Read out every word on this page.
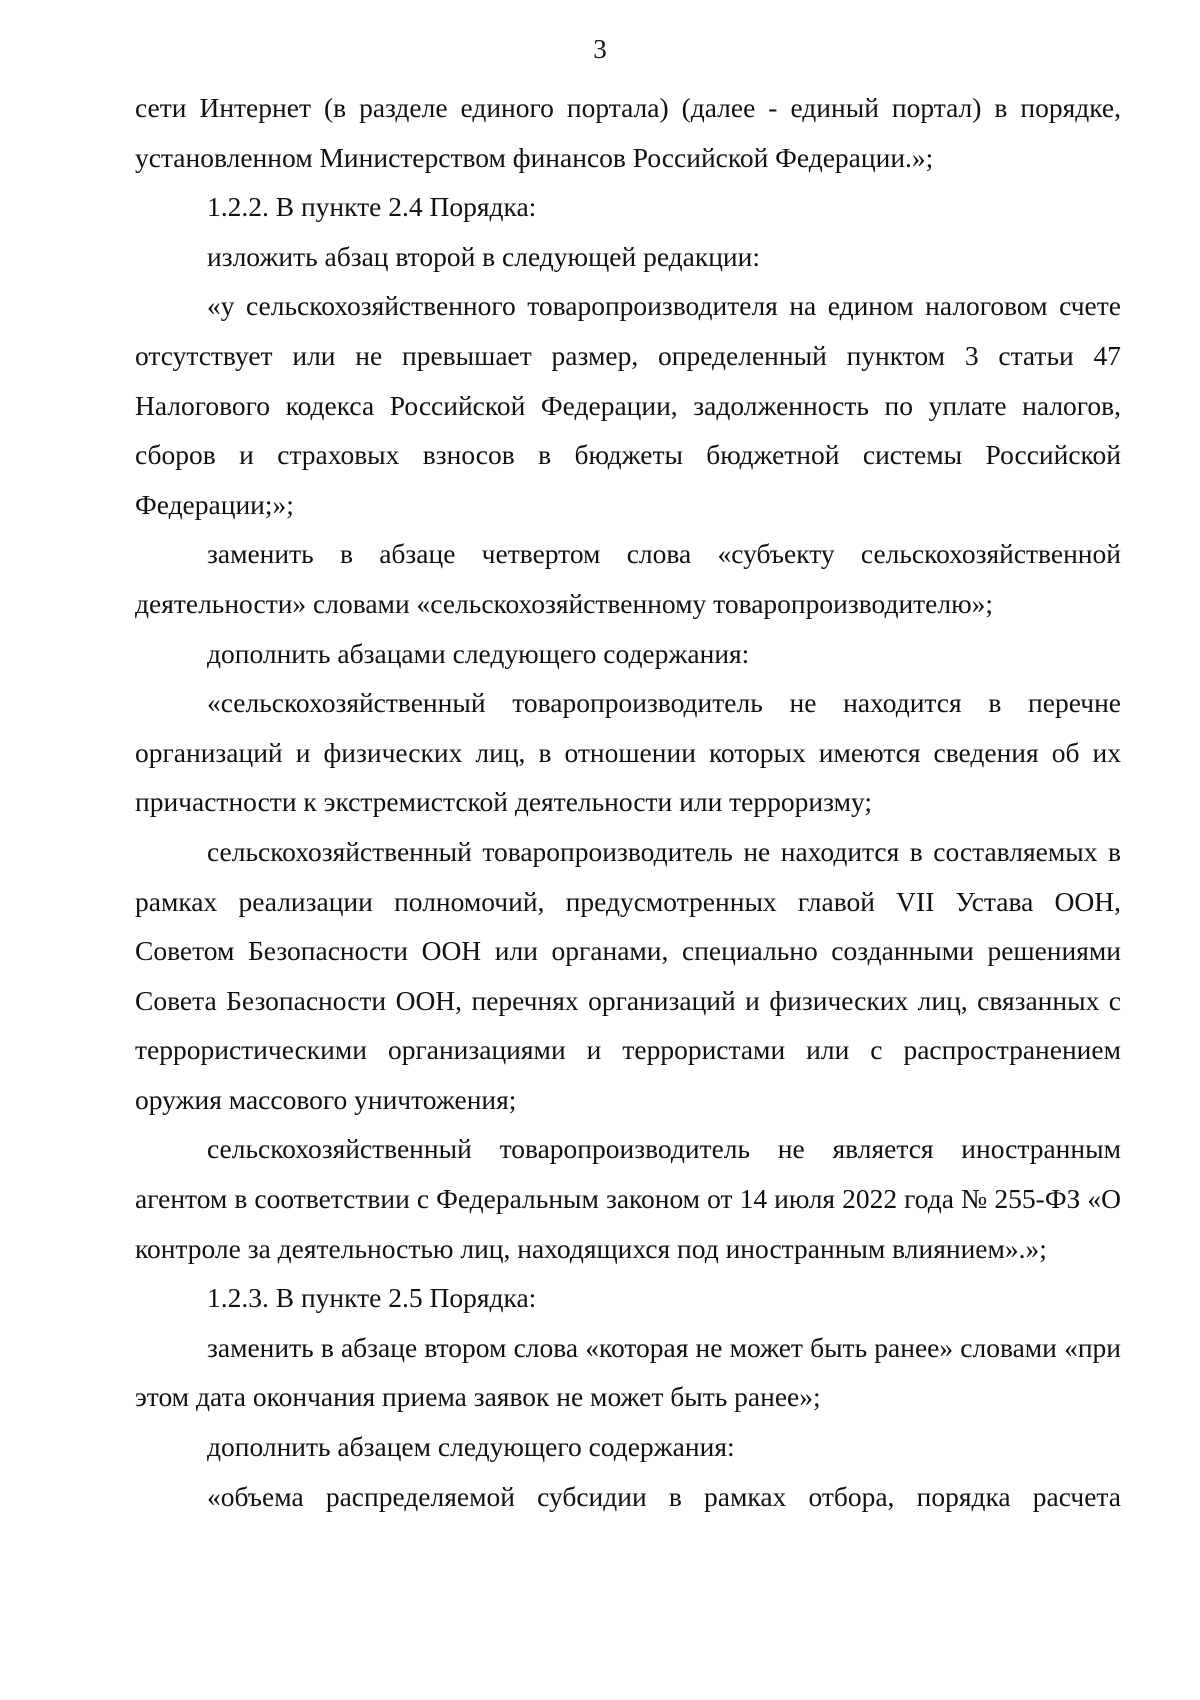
3

сети Интернет (в разделе единого портала) (далее - единый портал) в порядке, установленном Министерством финансов Российской Федерации.»;

1.2.2. В пункте 2.4 Порядка:

изложить абзац второй в следующей редакции:

«у сельскохозяйственного товаропроизводителя на едином налоговом счете отсутствует или не превышает размер, определенный пунктом 3 статьи 47 Налогового кодекса Российской Федерации, задолженность по уплате налогов, сборов и страховых взносов в бюджеты бюджетной системы Российской Федерации;»;

заменить в абзаце четвертом слова «субъекту сельскохозяйственной деятельности» словами «сельскохозяйственному товаропроизводителю»;

дополнить абзацами следующего содержания:

«сельскохозяйственный товаропроизводитель не находится в перечне организаций и физических лиц, в отношении которых имеются сведения об их причастности к экстремистской деятельности или терроризму;

сельскохозяйственный товаропроизводитель не находится в составляемых в рамках реализации полномочий, предусмотренных главой VII Устава ООН, Советом Безопасности ООН или органами, специально созданными решениями Совета Безопасности ООН, перечнях организаций и физических лиц, связанных с террористическими организациями и террористами или с распространением оружия массового уничтожения;

сельскохозяйственный товаропроизводитель не является иностранным агентом в соответствии с Федеральным законом от 14 июля 2022 года № 255-ФЗ «О контроле за деятельностью лиц, находящихся под иностранным влиянием».»;

1.2.3. В пункте 2.5 Порядка:

заменить в абзаце втором слова «которая не может быть ранее» словами «при этом дата окончания приема заявок не может быть ранее»;

дополнить абзацем следующего содержания:

«объема распределяемой субсидии в рамках отбора, порядка расчета
